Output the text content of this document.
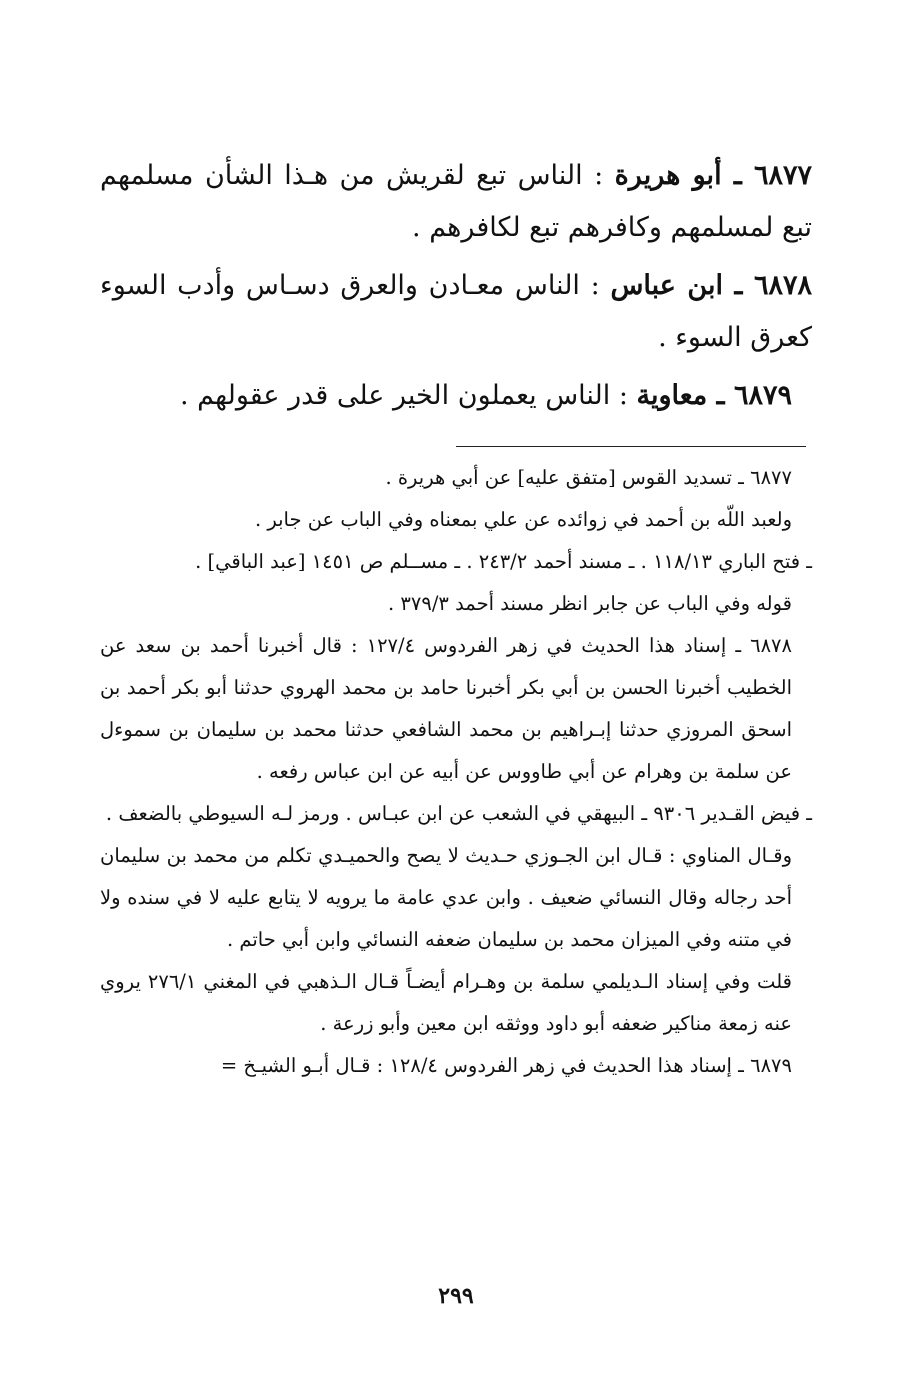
٦٨٧٧ ـ أبو هريرة : الناس تبع لقريش من هـذا الشأن مسلمهم تبع لمسلمهم وكافرهم تبع لكافرهم .

٦٨٧٨ ـ ابن عباس : الناس معـادن والعرق دسـاس وأدب السوء كعرق السوء .

٦٨٧٩ ـ معاوية : الناس يعملون الخير على قدر عقولهم .

٦٨٧٧ ـ تسديد القوس [متفق عليه] عن أبي هريرة .

ولعبد اللّه بن أحمد في زوائده عن علي بمعناه وفي الباب عن جابر .

ـ فتح الباري ١١٨/١٣ . ـ مسند أحمد ٢٤٣/٢ . ـ مســلم ص ١٤٥١ [عبد الباقي] .

قوله وفي الباب عن جابر انظر مسند أحمد ٣٧٩/٣ .

٦٨٧٨ ـ إسناد هذا الحديث في زهر الفردوس ١٢٧/٤ : قال أخبرنا أحمد بن سعد عن الخطيب أخبرنا الحسن بن أبي بكر أخبرنا حامد بن محمد الهروي حدثنا أبو بكر أحمد بن اسحق المروزي حدثنا إبـراهيم بن محمد الشافعي حدثنا محمد بن سليمان بن سموءل عن سلمة بن وهرام عن أبي طاووس عن أبيه عن ابن عباس رفعه .

ـ فيض القـدير ٩٣٠٦ ـ البيهقي في الشعب عن ابن عبـاس . ورمز لـه السيوطي بالضعف .

وقـال المناوي : قـال ابن الجـوزي حـديث لا يصح والحميـدي تكلم من محمد بن سليمان أحد رجاله وقال النسائي ضعيف . وابن عدي عامة ما يرويه لا يتابع عليه لا في سنده ولا في متنه وفي الميزان محمد بن سليمان ضعفه النسائي وابن أبي حاتم .

قلت وفي إسناد الـديلمي سلمة بن وهـرام أيضـاً قـال الـذهبي في المغني ٢٧٦/١ يروي عنه زمعة مناكير ضعفه أبو داود ووثقه ابن معين وأبو زرعة .

٦٨٧٩ ـ إسناد هذا الحديث في زهر الفردوس ١٢٨/٤ : قـال أبـو الشيـخ =

٢٩٩
